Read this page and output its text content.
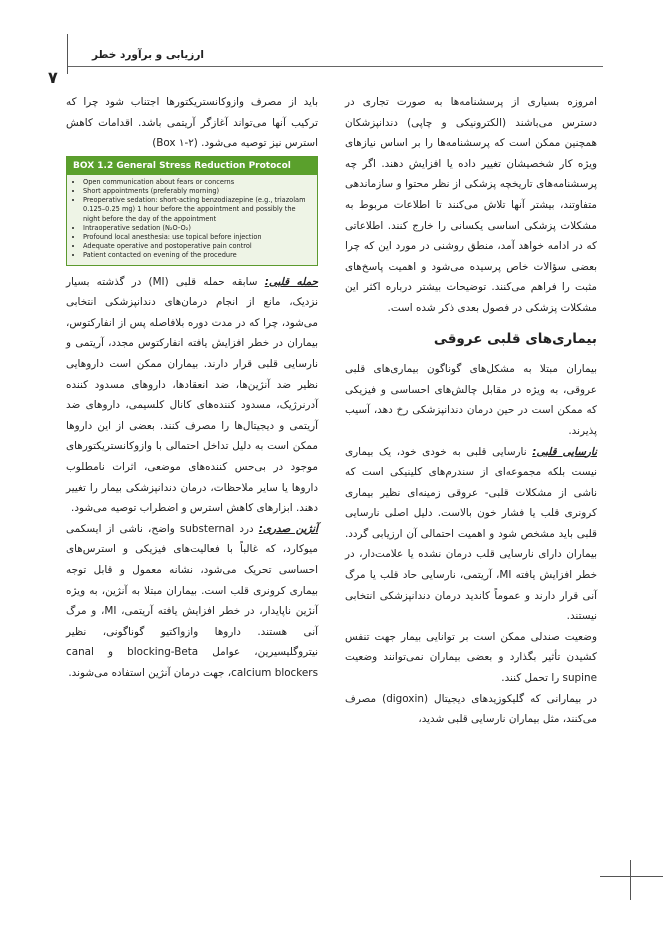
ارزیابی و برآورد خطر
۷

امروزه بسیاری از پرسشنامه‌ها به صورت تجاری در دسترس می‌باشند (الکترونیکی و چاپی) دندانپزشکان همچنین ممکن است که پرسشنامه‌ها را بر اساس نیازهای ویژه کار شخصیشان تغییر داده یا افزایش دهند. اگر چه پرسشنامه‌های تاریخچه پزشکی از نظر محتوا و سازماندهی متفاوتند، بیشتر آنها تلاش می‌کنند تا اطلاعات مربوط به مشکلات پزشکی اساسی یکسانی را خارج کنند. اطلاعاتی که در ادامه خواهد آمد، منطق روشنی در مورد این که چرا بعضی سؤالات خاص پرسیده می‌شود و اهمیت پاسخ‌های مثبت را فراهم می‌کنند. توضیحات بیشتر درباره اکثر این مشکلات پزشکی در فصول بعدی ذکر شده است.

بیماری‌های قلبی عروقی

بیماران مبتلا به مشکل‌های گوناگون بیماری‌های قلبی عروقی، به ویژه در مقابل چالش‌های احساسی و فیزیکی که ممکن است در حین درمان دندانپزشکی رخ دهد، آسیب پذیرند.

نارسایی قلبی: نارسایی قلبی به خودی خود، یک بیماری نیست بلکه مجموعه‌ای از سندرم‌های کلینیکی است که ناشی از مشکلات قلبی- عروقی زمینه‌ای نظیر بیماری کرونری قلب یا فشار خون بالاست. دلیل اصلی نارسایی قلبی باید مشخص شود و اهمیت احتمالی آن ارزیابی گردد. بیماران دارای نارسایی قلب درمان نشده یا علامت‌دار، در خطر افزایش یافته MI، آریتمی، نارسایی حاد قلب یا مرگ آنی قرار دارند و عموماً کاندید درمان دندانپزشکی انتخابی نیستند.

وضعیت صندلی ممکن است بر توانایی بیمار جهت تنفس کشیدن تأثیر بگذارد و بعضی بیماران نمی‌توانند وضعیت supine را تحمل کنند.

در بیمارانی که گلیکوزیدهای دیجیتال (digoxin) مصرف می‌کنند، مثل بیماران نارسایی قلبی شدید،

باید از مصرف وازوکانستریکتورها اجتناب شود چرا که ترکیب آنها می‌تواند آغازگر آریتمی باشد. اقدامات کاهش استرس نیز توصیه می‌شود. (Box ۱-۲)

BOX 1.2 General Stress Reduction Protocol
• Open communication about fears or concerns
• Short appointments (preferably morning)
• Preoperative sedation: short-acting benzodiazepine (e.g., triazolam 0.125–0.25 mg) 1 hour before the appointment and possibly the night before the day of the appointment
• Intraoperative sedation (N₂O-O₂)
• Profound local anesthesia: use topical before injection
• Adequate operative and postoperative pain control
• Patient contacted on evening of the procedure

حمله قلبی: سابقه حمله قلبی (MI) در گذشته بسیار نزدیک، مانع از انجام درمان‌های دندانپزشکی انتخابی می‌شود، چرا که در مدت دوره بلافاصله پس از انفارکتوس، بیماران در خطر افزایش یافته انفارکتوس مجدد، آریتمی و نارسایی قلبی قرار دارند. بیماران ممکن است داروهایی نظیر ضد آنژین‌ها، ضد انعقادها، داروهای مسدود کننده آدرنرژیک، مسدود کننده‌های کانال کلسیمی، داروهای ضد آریتمی و دیجیتال‌ها را مصرف کنند. بعضی از این داروها ممکن است به دلیل تداخل احتمالی با وازوکانستریکتورهای موجود در بی‌حس کننده‌های موضعی، اثرات نامطلوب داروها یا سایر ملاحظات، درمان دندانپزشکی بیمار را تغییر دهند. ابزارهای کاهش استرس و اضطراب توصیه می‌شود.

آنژین صدری: درد substernal واضح، ناشی از ایسکمی میوکارد، که غالباً با فعالیت‌های فیزیکی و استرس‌های احساسی تحریک می‌شود، نشانه معمول و قابل توجه بیماری کرونری قلب است. بیماران مبتلا به آنژین، به ویژه آنژین ناپایدار، در خطر افزایش یافته آریتمی، MI، و مرگ آنی هستند. داروها وازواکتیو گوناگونی، نظیر نیتروگلیسیرین، عوامل blocking-Beta و canal calcium blockers، جهت درمان آنژین استفاده می‌شوند.
